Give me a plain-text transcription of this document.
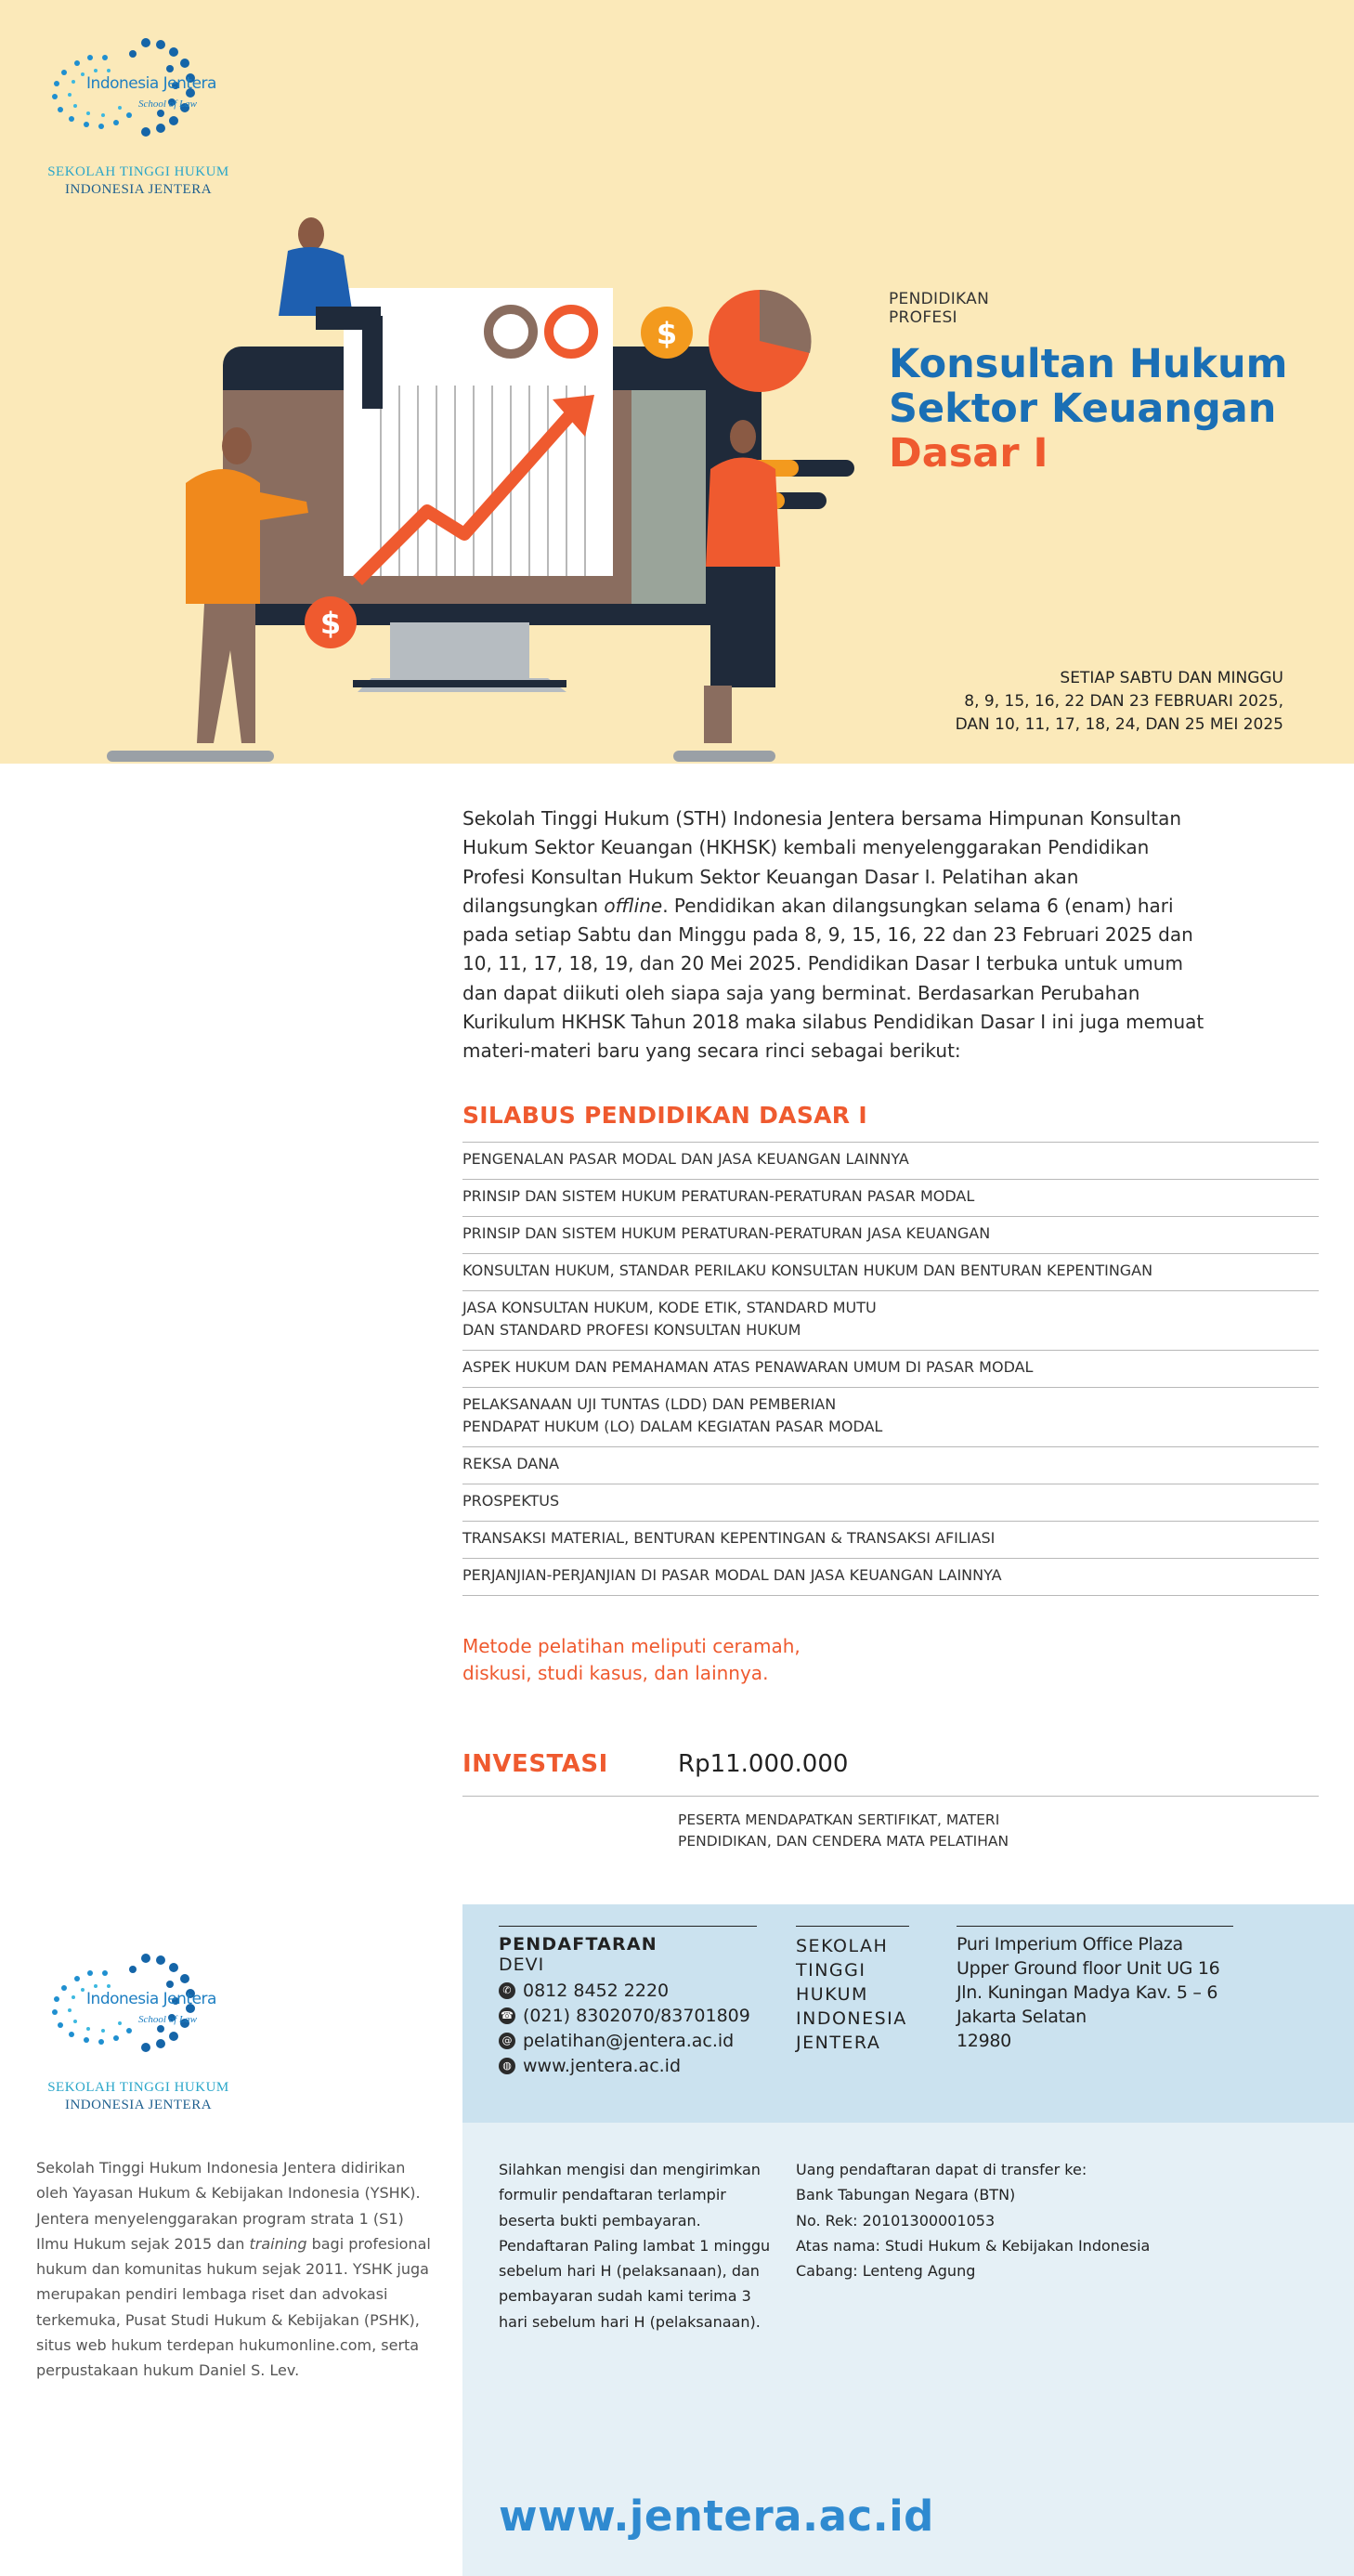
Indonesia Jentera
School of Law
SEKOLAH TINGGI HUKUM
INDONESIA JENTERA
$
$
PENDIDIKAN
PROFESI
Konsultan Hukum
Sektor Keuangan
Dasar I
SETIAP SABTU DAN MINGGU
8, 9, 15, 16, 22 DAN 23 FEBRUARI 2025,
DAN 10, 11, 17, 18, 24, DAN 25 MEI 2025

Sekolah Tinggi Hukum (STH) Indonesia Jentera bersama Himpunan Konsultan Hukum Sektor Keuangan (HKHSK) kembali menyelenggarakan Pendidikan Profesi Konsultan Hukum Sektor Keuangan Dasar I. Pelatihan akan dilangsungkan

offline

. Pendidikan akan dilangsungkan selama 6 (enam) hari pada setiap Sabtu dan Minggu pada 8, 9, 15, 16, 22 dan 23 Februari 2025 dan 10, 11, 17, 18, 19, dan 20 Mei 2025. Pendidikan Dasar I terbuka untuk umum dan dapat diikuti oleh siapa saja yang berminat. Berdasarkan Perubahan Kurikulum HKHSK Tahun 2018 maka silabus Pendidikan Dasar I ini juga memuat materi-materi baru yang secara rinci sebagai berikut:

SILABUS PENDIDIKAN DASAR I
PENGENALAN PASAR MODAL DAN JASA KEUANGAN LAINNYA
PRINSIP DAN SISTEM HUKUM PERATURAN-PERATURAN PASAR MODAL
PRINSIP DAN SISTEM HUKUM PERATURAN-PERATURAN JASA KEUANGAN
KONSULTAN HUKUM, STANDAR PERILAKU KONSULTAN HUKUM DAN BENTURAN KEPENTINGAN
JASA KONSULTAN HUKUM, KODE ETIK, STANDARD MUTU
DAN STANDARD PROFESI KONSULTAN HUKUM
ASPEK HUKUM DAN PEMAHAMAN ATAS PENAWARAN UMUM DI PASAR MODAL
PELAKSANAAN UJI TUNTAS (LDD) DAN PEMBERIAN
PENDAPAT HUKUM (LO) DALAM KEGIATAN PASAR MODAL
REKSA DANA
PROSPEKTUS
TRANSAKSI MATERIAL, BENTURAN KEPENTINGAN & TRANSAKSI AFILIASI
PERJANJIAN-PERJANJIAN DI PASAR MODAL DAN JASA KEUANGAN LAINNYA
Metode pelatihan meliputi ceramah, diskusi, studi kasus, dan lainnya.
INVESTASI	Rp11.000.000
PESERTA MENDAPATKAN SERTIFIKAT, MATERI PENDIDIKAN, DAN CENDERA MATA PELATIHAN
Indonesia Jentera
School of Law
SEKOLAH TINGGI HUKUM
INDONESIA JENTERA

Sekolah Tinggi Hukum Indonesia Jentera didirikan oleh Yayasan Hukum & Kebijakan Indonesia (YSHK). Jentera menyelenggarakan program strata 1 (S1) Ilmu Hukum sejak 2015 dan

training

bagi profesional hukum dan komunitas hukum sejak 2011. YSHK juga merupakan pendiri lembaga riset dan advokasi terkemuka, Pusat Studi Hukum & Kebijakan (PSHK), situs web hukum terdepan hukumonline.com, serta perpustakaan hukum Daniel S. Lev.

PENDAFTARAN
DEVI
✆ 0812 8452 2220
☎ (021) 8302070/83701809
@ pelatihan@jentera.ac.id
◍ www.jentera.ac.id
SEKOLAH
TINGGI
HUKUM
INDONESIA
JENTERA
Puri Imperium Office Plaza
Upper Ground floor Unit UG 16
Jln. Kuningan Madya Kav. 5 – 6
Jakarta Selatan
12980
Silahkan mengisi dan mengirimkan formulir pendaftaran terlampir beserta bukti pembayaran. Pendaftaran Paling lambat 1 minggu sebelum hari H (pelaksanaan), dan pembayaran sudah kami terima 3 hari sebelum hari H (pelaksanaan).
Uang pendaftaran dapat di transfer ke:
Bank Tabungan Negara (BTN)
No. Rek: 20101300001053
Atas nama: Studi Hukum & Kebijakan Indonesia
Cabang: Lenteng Agung
www.jentera.ac.id
